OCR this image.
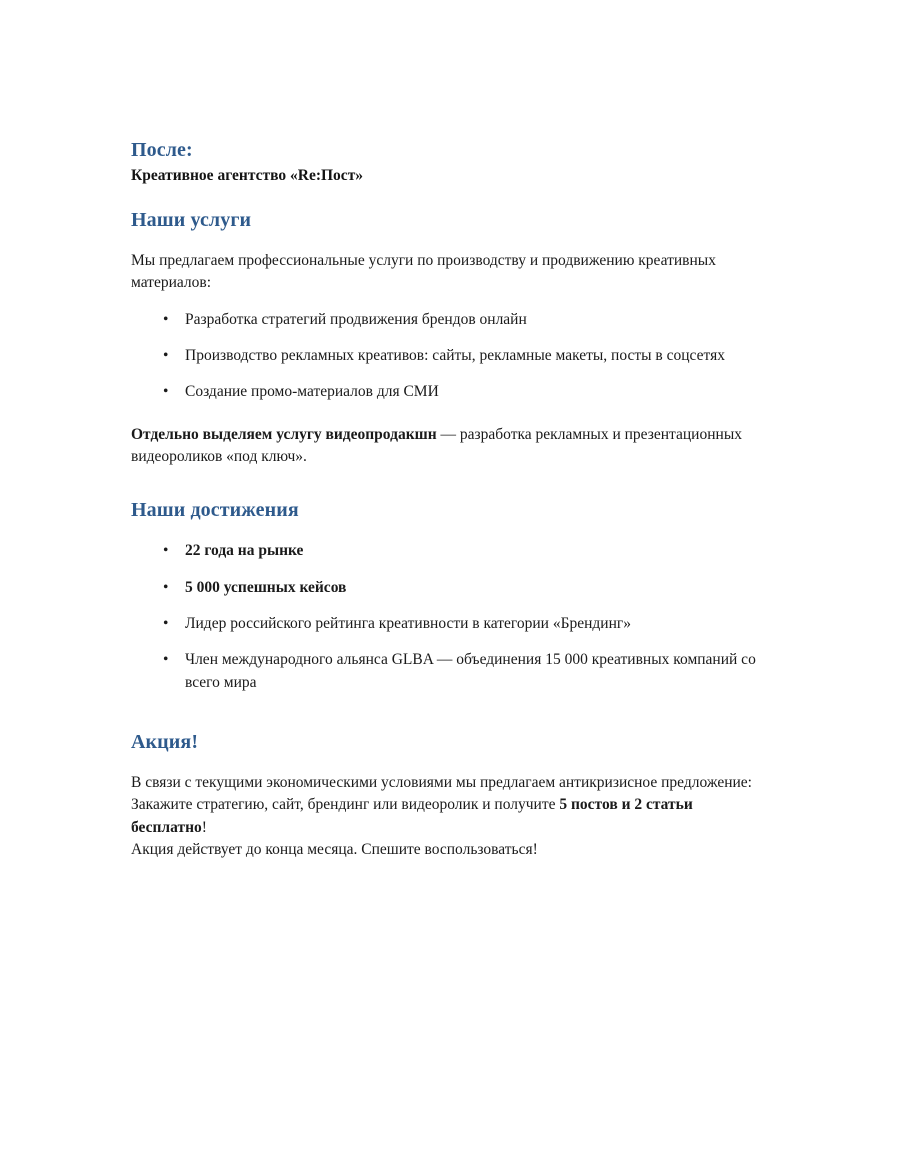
После:
Креативное агентство «Re:Пост»
Наши услуги

Мы предлагаем профессиональные услуги по производству и продвижению креативных материалов:

• Разработка стратегий продвижения брендов онлайн
• Производство рекламных креативов: сайты, рекламные макеты, посты в соцсетях
• Создание промо-материалов для СМИ

Отдельно выделяем услугу видеопродакшн — разработка рекламных и презентационных видеороликов «под ключ».

Наши достижения
• 22 года на рынке
• 5 000 успешных кейсов
• Лидер российского рейтинга креативности в категории «Брендинг»
• Член международного альянса GLBA — объединения 15 000 креативных компаний со всего мира
Акция!

В связи с текущими экономическими условиями мы предлагаем антикризисное предложение:

Закажите стратегию, сайт, брендинг или видеоролик и получите 5 постов и 2 статьи бесплатно!

Акция действует до конца месяца. Спешите воспользоваться!
